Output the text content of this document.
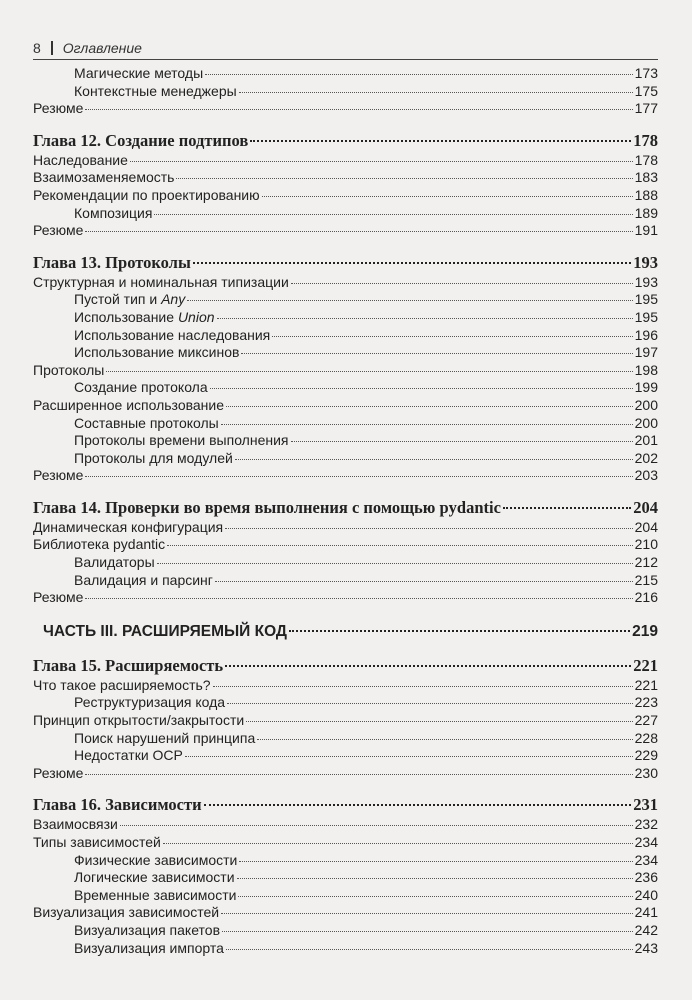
8 Оглавление
Магические методы	173
Контекстные менеджеры	175
Резюме	177
Глава 12. Создание подтипов	178
Наследование	178
Взаимозаменяемость	183
Рекомендации по проектированию	188
Композиция	189
Резюме	191
Глава 13. Протоколы	193
Структурная и номинальная типизации	193
Пустой тип и Any	195
Использование Union	195
Использование наследования	196
Использование миксинов	197
Протоколы	198
Создание протокола	199
Расширенное использование	200
Составные протоколы	200
Протоколы времени выполнения	201
Протоколы для модулей	202
Резюме	203
Глава 14. Проверки во время выполнения с помощью pydantic	204
Динамическая конфигурация	204
Библиотека pydantic	210
Валидаторы	212
Валидация и парсинг	215
Резюме	216
ЧАСТЬ III. РАСШИРЯЕМЫЙ КОД	219
Глава 15. Расширяемость	221
Что такое расширяемость?	221
Реструктуризация кода	223
Принцип открытости/закрытости	227
Поиск нарушений принципа	228
Недостатки OCP	229
Резюме	230
Глава 16. Зависимости	231
Взаимосвязи	232
Типы зависимостей	234
Физические зависимости	234
Логические зависимости	236
Временные зависимости	240
Визуализация зависимостей	241
Визуализация пакетов	242
Визуализация импорта	243
